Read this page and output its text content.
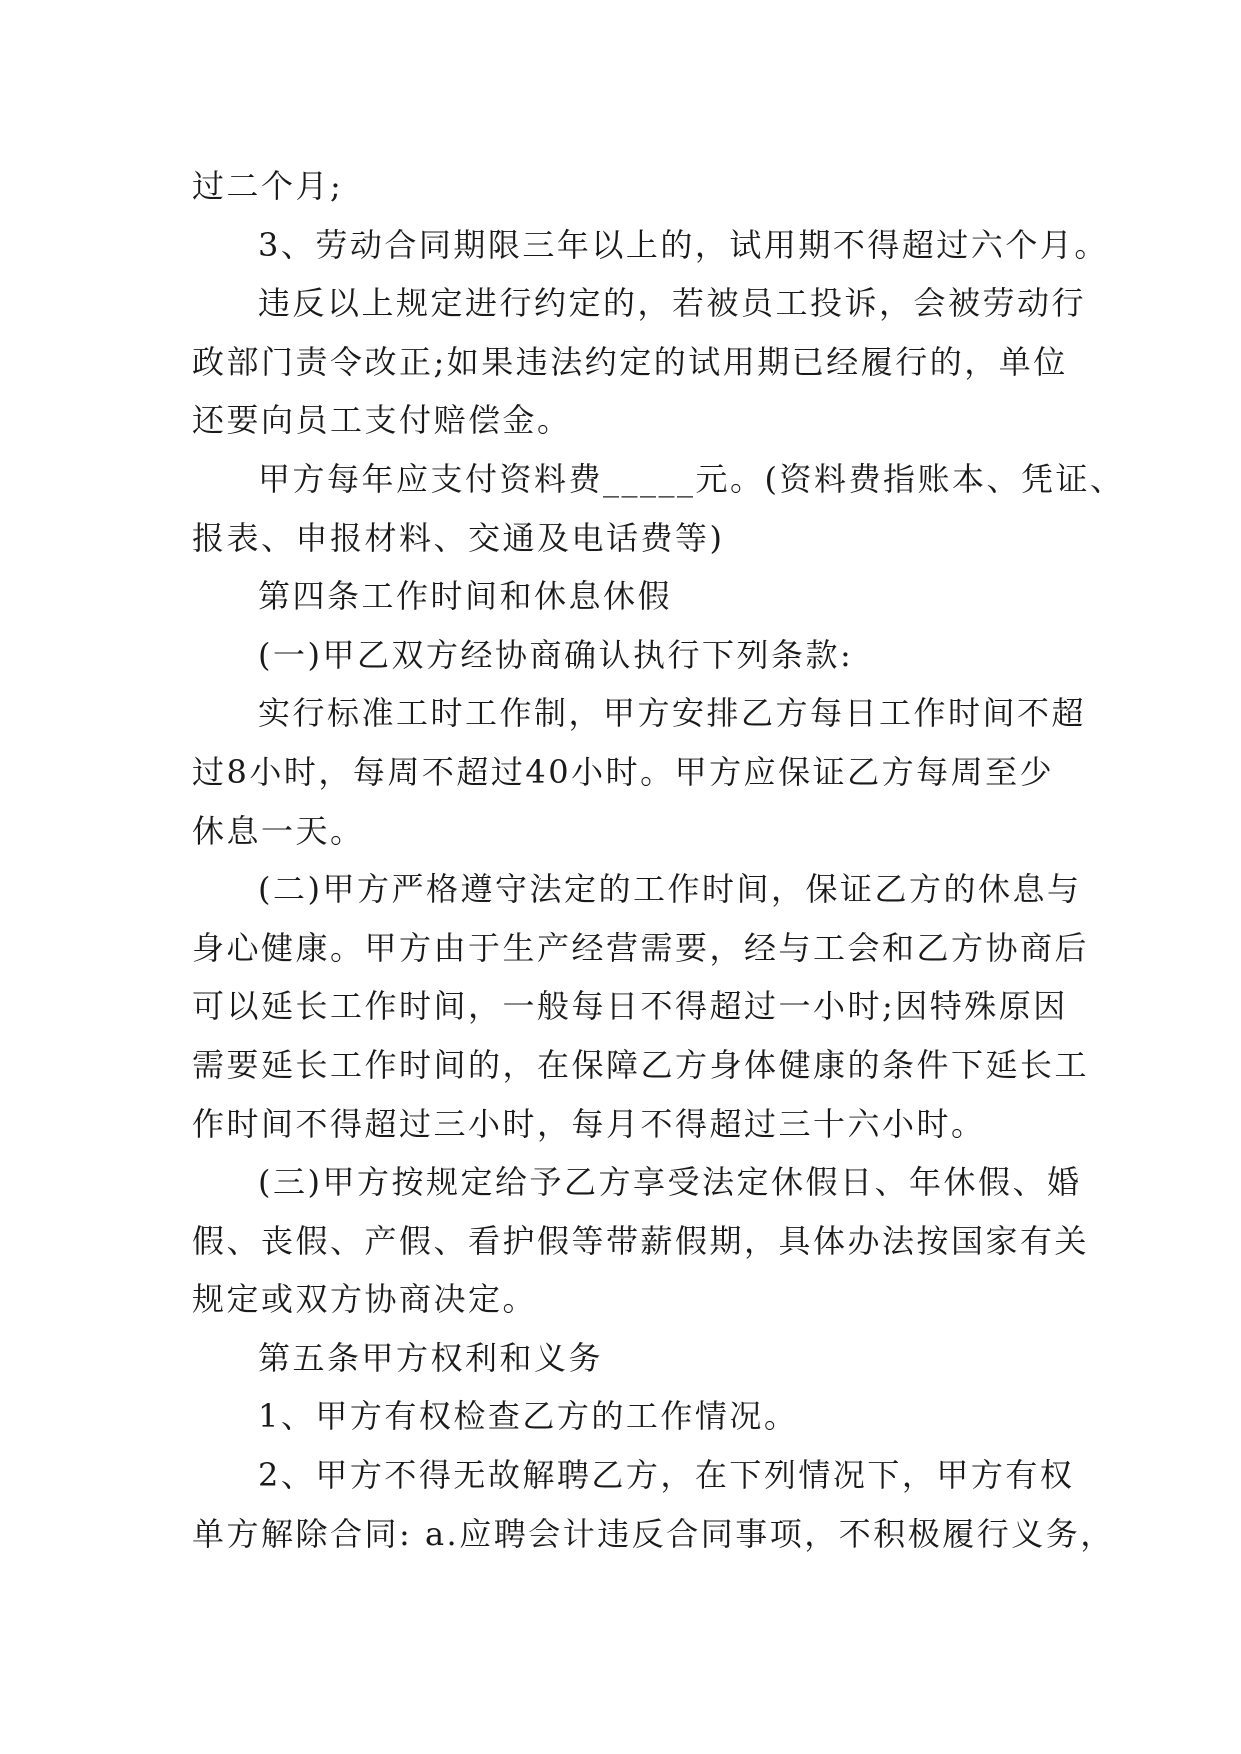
过二个月;

3、劳动合同期限三年以上的，试用期不得超过六个月。

违反以上规定进行约定的，若被员工投诉，会被劳动行

政部门责令改正;如果违法约定的试用期已经履行的，单位
还要向员工支付赔偿金。

甲方每年应支付资料费_____元。(资料费指账本、凭证、

报表、申报材料、交通及电话费等)

第四条工作时间和休息休假

(一)甲乙双方经协商确认执行下列条款:

实行标准工时工作制，甲方安排乙方每日工作时间不超

过8小时，每周不超过40小时。甲方应保证乙方每周至少
休息一天。

(二)甲方严格遵守法定的工作时间，保证乙方的休息与

身心健康。甲方由于生产经营需要，经与工会和乙方协商后
可以延长工作时间，一般每日不得超过一小时;因特殊原因
需要延长工作时间的，在保障乙方身体健康的条件下延长工
作时间不得超过三小时，每月不得超过三十六小时。

(三)甲方按规定给予乙方享受法定休假日、年休假、婚

假、丧假、产假、看护假等带薪假期，具体办法按国家有关
规定或双方协商决定。

第五条甲方权利和义务

1、甲方有权检查乙方的工作情况。

2、甲方不得无故解聘乙方，在下列情况下，甲方有权

单方解除合同: a.应聘会计违反合同事项，不积极履行义务，
